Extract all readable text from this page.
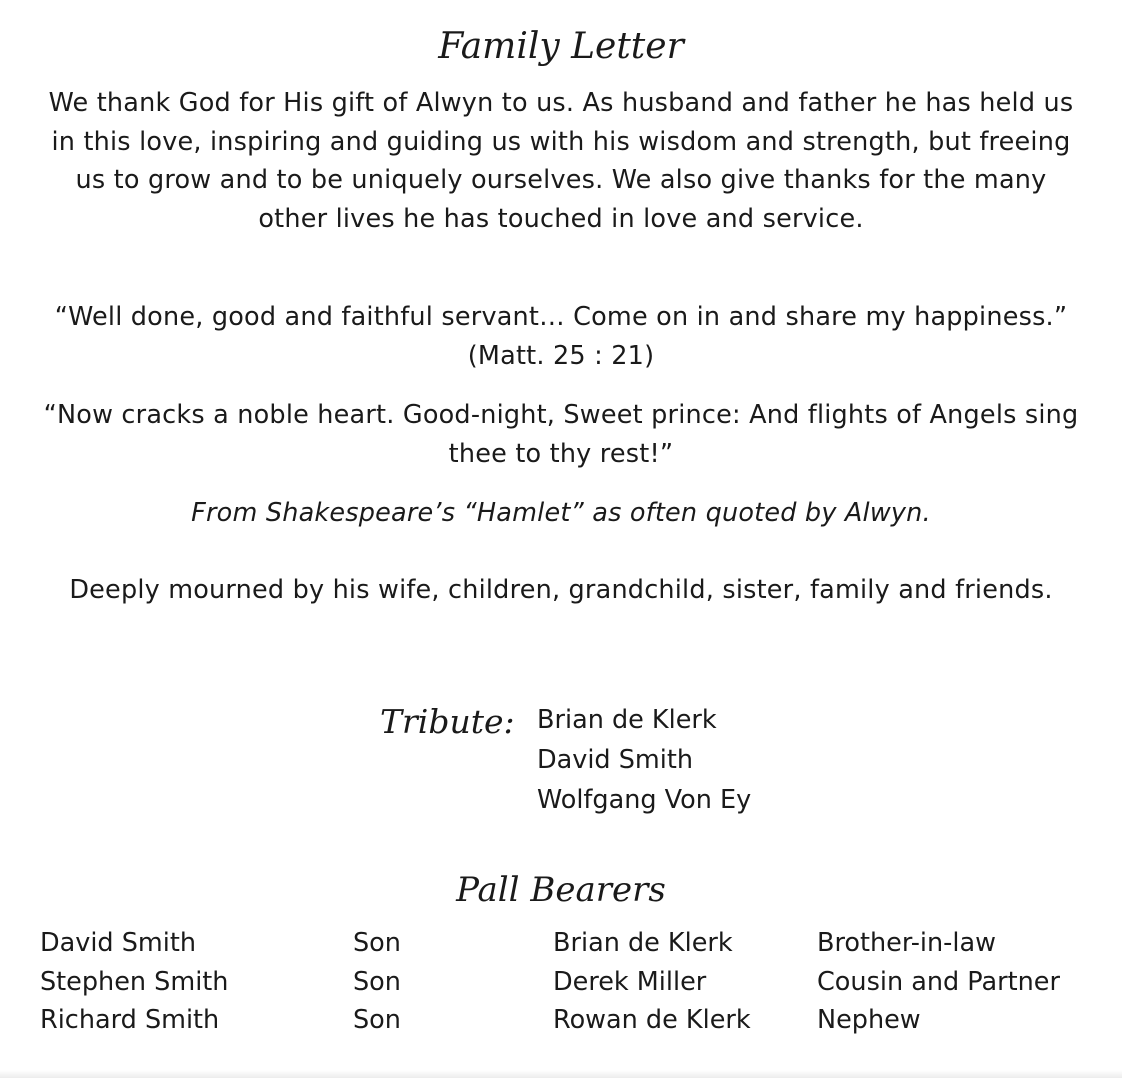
Family Letter
We thank God for His gift of Alwyn to us. As husband and father he has held us in this love, inspiring and guiding us with his wisdom and strength, but freeing us to grow and to be uniquely ourselves. We also give thanks for the many other lives he has touched in love and service.
“Well done, good and faithful servant… Come on in and share my happiness.” (Matt. 25 : 21)
“Now cracks a noble heart. Good-night, Sweet prince: And flights of Angels sing thee to thy rest!”
From Shakespeare’s “Hamlet” as often quoted by Alwyn.
Deeply mourned by his wife, children, grandchild, sister, family and friends.
Tribute: Brian de Klerk
David Smith
Wolfgang Von Ey
Pall Bearers
David Smith	Son	Brian de Klerk	Brother-in-law
Stephen Smith	Son	Derek Miller	Cousin and Partner
Richard Smith	Son	Rowan de Klerk	Nephew
